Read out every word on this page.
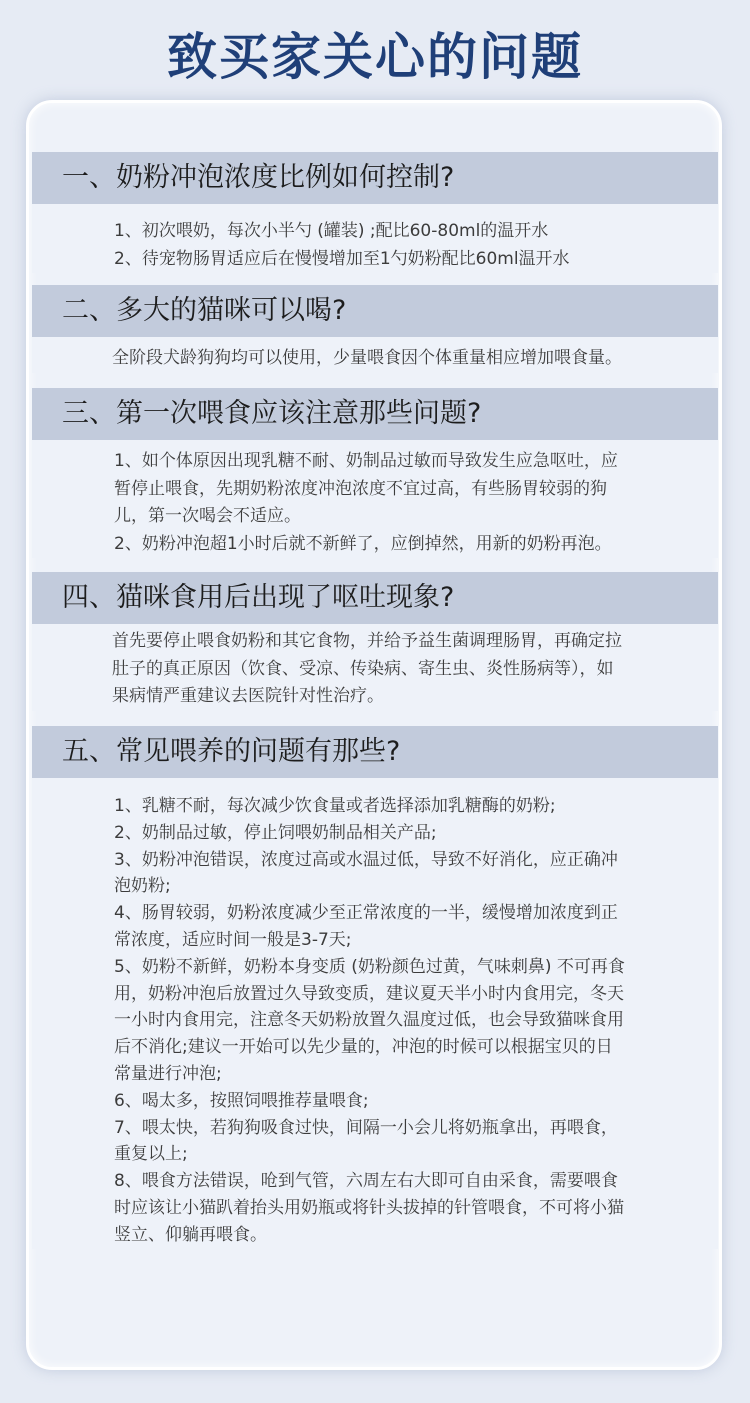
致买家关心的问题
一、奶粉冲泡浓度比例如何控制?

1、初次喂奶，每次小半勺 (罐装) ;配比60-80ml的温开水

2、待宠物肠胃适应后在慢慢增加至1勺奶粉配比60ml温开水

二、多大的猫咪可以喝?

全阶段犬龄狗狗均可以使用，少量喂食因个体重量相应增加喂食量。

三、第一次喂食应该注意那些问题?

1、如个体原因出现乳糖不耐、奶制品过敏而导致发生应急呕吐，应

暂停止喂食，先期奶粉浓度冲泡浓度不宜过高，有些肠胃较弱的狗

儿，第一次喝会不适应。

2、奶粉冲泡超1小时后就不新鲜了，应倒掉然，用新的奶粉再泡。

四、猫咪食用后出现了呕吐现象?

首先要停止喂食奶粉和其它食物，并给予益生菌调理肠胃，再确定拉

肚子的真正原因（饮食、受凉、传染病、寄生虫、炎性肠病等），如

果病情严重建议去医院针对性治疗。

五、常见喂养的问题有那些?

1、乳糖不耐，每次减少饮食量或者选择添加乳糖酶的奶粉;

2、奶制品过敏，停止饲喂奶制品相关产品;

3、奶粉冲泡错误，浓度过高或水温过低，导致不好消化，应正确冲

泡奶粉;

4、肠胃较弱，奶粉浓度减少至正常浓度的一半，缓慢增加浓度到正

常浓度，适应时间一般是3-7天;

5、奶粉不新鲜，奶粉本身变质 (奶粉颜色过黄，气味刺鼻) 不可再食

用，奶粉冲泡后放置过久导致变质，建议夏天半小时内食用完，冬天

一小时内食用完，注意冬天奶粉放置久温度过低，也会导致猫咪食用

后不消化;建议一开始可以先少量的，冲泡的时候可以根据宝贝的日

常量进行冲泡;

6、喝太多，按照饲喂推荐量喂食;

7、喂太快，若狗狗吸食过快，间隔一小会儿将奶瓶拿出，再喂食，

重复以上;

8、喂食方法错误，呛到气管，六周左右大即可自由采食，需要喂食

时应该让小猫趴着抬头用奶瓶或将针头拔掉的针管喂食，不可将小猫

竖立、仰躺再喂食。
